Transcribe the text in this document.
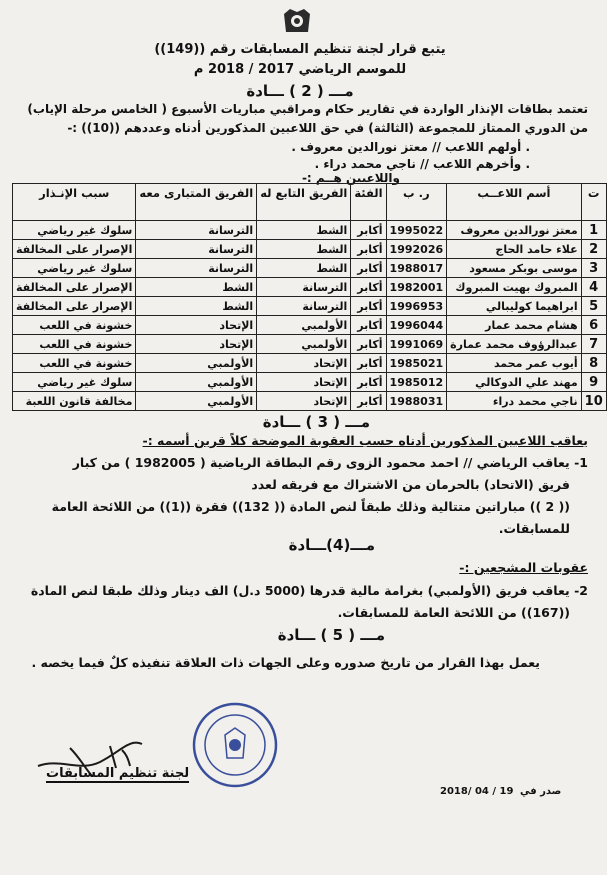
يتبع قرار لجنة تنظيم المسابقات رقم ((149))
للموسم الرياضي 2017 / 2018 م
مـــ ( 2 ) ـــادة
تعتمد بطاقات الإنذار الواردة في تقارير حكام ومراقبي مباريات الأسبوع ( الخامس مرحلة الإياب)
من الدوري الممتاز للمجموعة (الثالثة) في حق اللاعبين المذكورين أدناه وعددهم ((10)) :-
. أولهم اللاعب // معتز نورالدين معروف .
. وأخرهم اللاعب // ناجي محمد دراء .
واللاعبين هــم :-
ت	أسم اللاعــب	ر. ب	الفئة	الفريق التابع له	الفريق المتبارى معه	سبب الإنـذار
1	معتز نورالدين معروف	1995022	أكابر	الشط	الترسانة	سلوك غير رياضي
2	علاء حامد الحاج	1992026	أكابر	الشط	الترسانة	الإصرار على المخالفة
3	موسى بوبكر مسعود	1988017	أكابر	الشط	الترسانة	سلوك غير رياضي
4	المبروك بهيت المبروك	1982001	أكابر	الترسانة	الشط	الإصرار على المخالفة
5	ابراهيما كوليبالي	1996953	أكابر	الترسانة	الشط	الإصرار على المخالفة
6	هشام محمد عمار	1996044	أكابر	الأولمبي	الإتحاد	خشونة في اللعب
7	عبدالرؤوف محمد عمارة	1991069	أكابر	الأولمبي	الإتحاد	خشونة في اللعب
8	أيوب عمر محمد	1985021	أكابر	الإتحاد	الأولمبي	خشونة في اللعب
9	مهند علي الدوكالي	1985012	أكابر	الإتحاد	الأولمبي	سلوك غير رياضي
10	ناجي محمد دراء	1988031	أكابر	الإتحاد	الأولمبي	مخالفة قانون اللعبة
مـــ ( 3 ) ـــادة
يعاقب اللاعبين المذكورين أدناه حسب العقوبة الموضحة كلاً قرين أسمه :-
1- يعاقب الرياضي // احمد محمود الزوى رقم البطاقة الرياضية ( 1982005 ) من كبار
فريق (الاتحاد) بالحرمان من الاشتراك مع فريقه لعدد
(( 2 )) مباراتين متتالية وذلك طبقاً لنص المادة (( 132)) فقرة ((1)) من اللائحة العامة
للمسابقات.
مـــ(4)ـــادة
عقوبات المشجعين :-
2- يعاقب فريق (الأولمبي) بغرامة مالية قدرها (5000 د.ل) الف دينار وذلك طبقا لنص المادة
((167)) من اللائحة العامة للمسابقات.
مـــ ( 5 ) ـــادة
يعمل بهذا القرار من تاريخ صدوره وعلى الجهات ذات العلاقة تنفيذه كلٌ فيما يخصه .
لجنة تنظيم المسابقات
صدر في
2018/ 04 / 19
